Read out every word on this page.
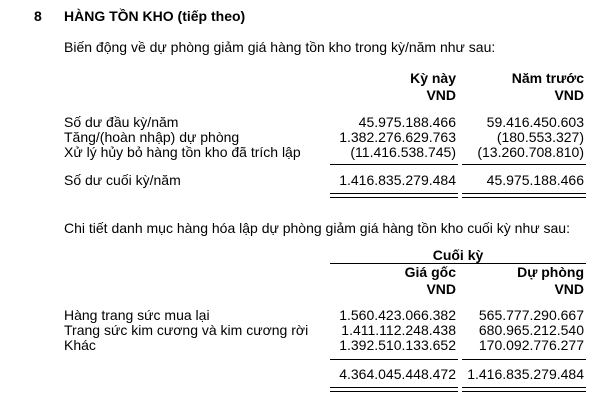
8 HÀNG TỒN KHO (tiếp theo)
Biến động về dự phòng giảm giá hàng tồn kho trong kỳ/năm như sau:
Kỳ này
VND
Năm trước
VND
Số dư đầu kỳ/năm	45.975.188.466 59.416.450.603
Tăng/(hoàn nhập) dự phòng	1.382.276.629.763	(180.553.327)
Xử lý hủy bỏ hàng tồn kho đã trích lập	(11.416.538.745) (13.260.708.810)
Số dư cuối kỳ/năm	1.416.835.279.484 45.975.188.466
Chi tiết danh mục hàng hóa lập dự phòng giảm giá hàng tồn kho cuối kỳ như sau:
Cuối kỳ
Giá gốc
VND
Dự phòng
VND
Hàng trang sức mua lại	1.560.423.066.382 565.777.290.667
Trang sức kim cương và kim cương rời 1.411.112.248.438 680.965.212.540
Khác	1.392.510.133.652 170.092.776.277
4.364.045.448.472 1.416.835.279.484
